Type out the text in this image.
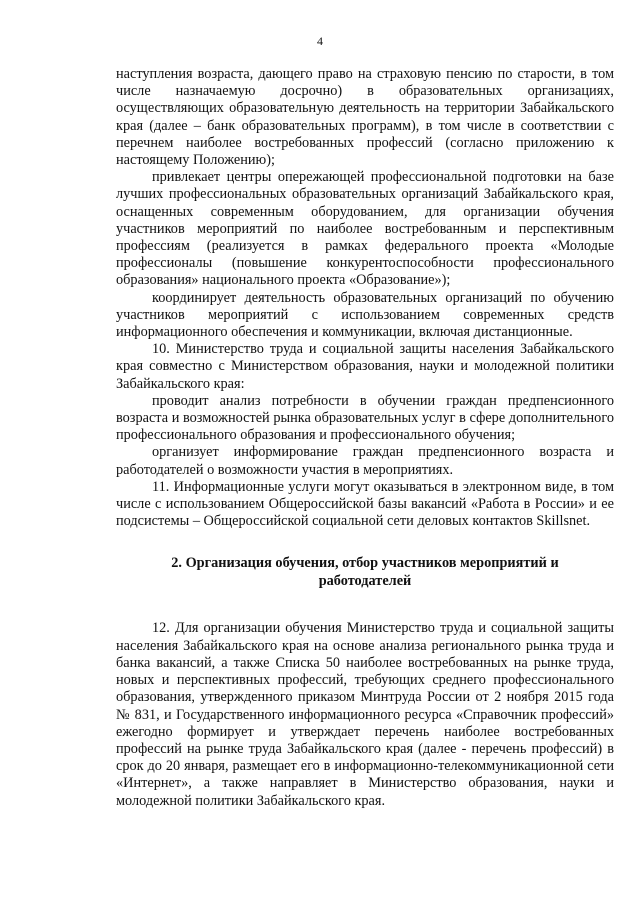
4

наступления возраста, дающего право на страховую пенсию по старости, в том числе назначаемую досрочно) в образовательных организациях, осуществляющих образовательную деятельность на территории Забайкальского края (далее – банк образовательных программ), в том числе в соответствии с перечнем наиболее востребованных профессий (согласно приложению к настоящему Положению);

привлекает центры опережающей профессиональной подготовки на базе лучших профессиональных образовательных организаций Забайкальского края, оснащенных современным оборудованием, для организации обучения участников мероприятий по наиболее востребованным и перспективным профессиям (реализуется в рамках федерального проекта «Молодые профессионалы (повышение конкурентоспособности профессионального образования» национального проекта «Образование»);

координирует деятельность образовательных организаций по обучению участников мероприятий с использованием современных средств информационного обеспечения и коммуникации, включая дистанционные.

10. Министерство труда и социальной защиты населения Забайкальского края совместно с Министерством образования, науки и молодежной политики Забайкальского края:

проводит анализ потребности в обучении граждан предпенсионного возраста и возможностей рынка образовательных услуг в сфере дополнительного профессионального образования и профессионального обучения;

организует информирование граждан предпенсионного возраста и работодателей о возможности участия в мероприятиях.

11. Информационные услуги могут оказываться в электронном виде, в том числе с использованием Общероссийской базы вакансий «Работа в России» и ее подсистемы – Общероссийской социальной сети деловых контактов Skillsnet.

2. Организация обучения, отбор участников мероприятий и работодателей

12. Для организации обучения Министерство труда и социальной защиты населения Забайкальского края на основе анализа регионального рынка труда и банка вакансий, а также Списка 50 наиболее востребованных на рынке труда, новых и перспективных профессий, требующих среднего профессионального образования, утвержденного приказом Минтруда России от 2 ноября 2015 года № 831, и Государственного информационного ресурса «Справочник профессий» ежегодно формирует и утверждает перечень наиболее востребованных профессий на рынке труда Забайкальского края (далее - перечень профессий) в срок до 20 января, размещает его в информационно-телекоммуникационной сети «Интернет», а также направляет в Министерство образования, науки и молодежной политики Забайкальского края.
